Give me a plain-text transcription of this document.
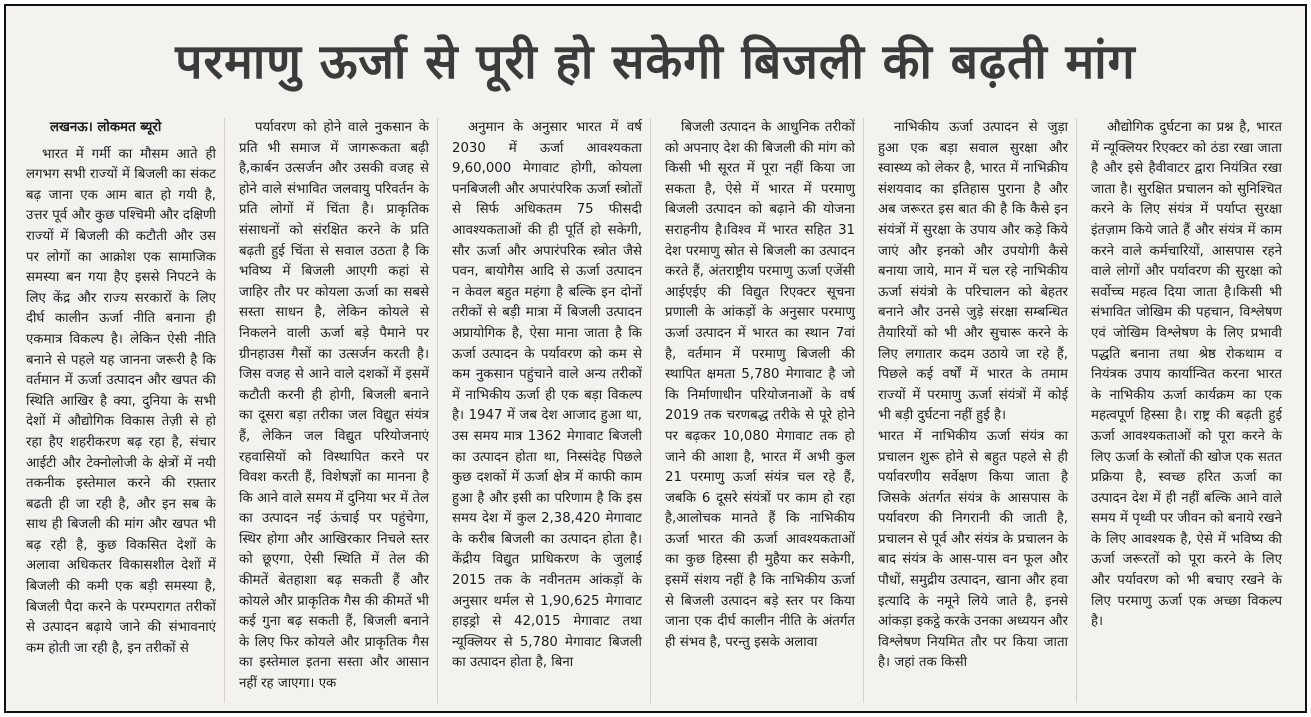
परमाणु ऊर्जा से पूरी हो सकेगी बिजली की बढ़ती मांग
लखनऊ। लोकमत ब्यूरो

भारत में गर्मी का मौसम आते ही लगभग सभी राज्यों में बिजली का संकट बढ़ जाना एक आम बात हो गयी है, उत्तर पूर्व और कुछ पश्चिमी और दक्षिणी राज्यों में बिजली की कटौती और उस पर लोगों का आक्रोश एक सामाजिक समस्या बन गया हैए इससे निपटने के लिए केंद्र और राज्य सरकारों के लिए दीर्घ कालीन ऊर्जा नीति बनाना ही एकमात्र विकल्प है। लेकिन ऐसी नीति बनाने से पहले यह जानना जरूरी है कि वर्तमान में ऊर्जा उत्पादन और खपत की स्थिति आखिर है क्या, दुनिया के सभी देशों में औद्योगिक विकास तेज़ी से हो रहा हैए शहरीकरण बढ़ रहा है, संचार आईटी और टेक्नोलोजी के क्षेत्रों में नयी तकनीक इस्तेमाल करने की रफ़्तार बढती ही जा रही है, और इन सब के साथ ही बिजली की मांग और खपत भी बढ़ रही है, कुछ विकसित देशों के अलावा अधिकतर विकासशील देशों में बिजली की कमी एक बड़ी समस्या है, बिजली पैदा करने के परम्परागत तरीकों से उत्पादन बढ़ाये जाने की संभावनाएं कम होती जा रही है, इन तरीकों से

पर्यावरण को होने वाले नुकसान के प्रति भी समाज में जागरूकता बढ़ी है,कार्बन उत्सर्जन और उसकी वजह से होने वाले संभावित जलवायु परिवर्तन के प्रति लोगों में चिंता है। प्राकृतिक संसाधनों को संरक्षित करने के प्रति बढ़ती हुई चिंता से सवाल उठता है कि भविष्य में बिजली आएगी कहां से जाहिर तौर पर कोयला ऊर्जा का सबसे सस्ता साधन है, लेकिन कोयले से निकलने वाली ऊर्जा बड़े पैमाने पर ग्रीनहाउस गैसों का उत्सर्जन करती है। जिस वजह से आने वाले दशकों में इसमें कटौती करनी ही होगी, बिजली बनाने का दूसरा बड़ा तरीका जल विद्युत संयंत्र हैं, लेकिन जल विद्युत परियोजनाएं रहवासियों को विस्थापित करने पर विवश करती हैं, विशेषज्ञों का मानना है कि आने वाले समय में दुनिया भर में तेल का उत्पादन नई ऊंचाई पर पहुंचेगा, स्थिर होगा और आखिरकार निचले स्तर को छूएगा, ऐसी स्थिति में तेल की कीमतें बेतहाशा बढ़ सकती हैं और कोयले और प्राकृतिक गैस की कीमतें भी कई गुना बढ़ सकती हैं, बिजली बनाने के लिए फिर कोयले और प्राकृतिक गैस का इस्तेमाल इतना सस्ता और आसान नहीं रह जाएगा। एक

अनुमान के अनुसार भारत में वर्ष 2030 में ऊर्जा आवश्यकता 9,60,000 मेगावाट होगी, कोयला पनबिजली और अपारंपरिक ऊर्जा स्त्रोतों से सिर्फ अधिकतम 75 फीसदी आवश्यकताओं की ही पूर्ति हो सकेगी, सौर ऊर्जा और अपारंपरिक स्त्रोत जैसे पवन, बायोगैस आदि से ऊर्जा उत्पादन न केवल बहुत महंगा है बल्कि इन दोनों तरीकों से बड़ी मात्रा में बिजली उत्पादन अप्रायोगिक है, ऐसा माना जाता है कि ऊर्जा उत्पादन के पर्यावरण को कम से कम नुकसान पहुंचाने वाले अन्य तरीकों में नाभिकीय ऊर्जा ही एक बड़ा विकल्प है। 1947 में जब देश आजाद हुआ था, उस समय मात्र 1362 मेगावाट बिजली का उत्पादन होता था, निस्संदेह पिछले कुछ दशकों में ऊर्जा क्षेत्र में काफी काम हुआ है और इसी का परिणाम है कि इस समय देश में कुल 2,38,420 मेगावाट के करीब बिजली का उत्पादन होता है। केंद्रीय विद्युत प्राधिकरण के जुलाई 2015 तक के नवीनतम आंकड़ों के अनुसार थर्मल से 1,90,625 मेगावाट हाइड्रो से 42,015 मेगावाट तथा न्यूक्लियर से 5,780 मेगावाट बिजली का उत्पादन होता है, बिना

बिजली उत्पादन के आधुनिक तरीकों को अपनाए देश की बिजली की मांग को किसी भी सूरत में पूरा नहीं किया जा सकता है, ऐसे में भारत में परमाणु बिजली उत्पादन को बढ़ाने की योजना सराहनीय है।विश्व में भारत सहित 31 देश परमाणु स्रोत से बिजली का उत्पादन करते हैं, अंतराष्ट्रीय परमाणु ऊर्जा एजेंसी आईएईए की विद्युत रिएक्टर सूचना प्रणाली के आंकड़ों के अनुसार परमाणु ऊर्जा उत्पादन में भारत का स्थान 7वां है, वर्तमान में परमाणु बिजली की स्थापित क्षमता 5,780 मेगावाट है जो कि निर्माणाधीन परियोजनाओं के वर्ष 2019 तक चरणबद्ध तरीके से पूरे होने पर बढ़कर 10,080 मेगावाट तक हो जाने की आशा है, भारत में अभी कुल 21 परमाणु ऊर्जा संयंत्र चल रहे हैं, जबकि 6 दूसरे संयंत्रों पर काम हो रहा है,आलोचक मानते हैं कि नाभिकीय ऊर्जा भारत की ऊर्जा आवश्यकताओं का कुछ हिस्सा ही मुहैया कर सकेगी, इसमें संशय नहीं है कि नाभिकीय ऊर्जा से बिजली उत्पादन बड़े स्तर पर किया जाना एक दीर्घ कालीन नीति के अंतर्गत ही संभव है, परन्तु इसके अलावा

नाभिकीय ऊर्जा उत्पादन से जुड़ा हुआ एक बड़ा सवाल सुरक्षा और स्वास्थ्य को लेकर है, भारत में नाभिक्रीय संशयवाद का इतिहास पुराना है और अब जरूरत इस बात की है कि कैसे इन संयंत्रों में सुरक्षा के उपाय और कड़े किये जाएं और इनको और उपयोगी कैसे बनाया जाये, मान में चल रहे नाभिकीय ऊर्जा संयंत्रो के परिचालन को बेहतर बनाने और उनसे जुड़े संरक्षा सम्बन्धित तैयारियों को भी और सुचारू करने के लिए लगातार कदम उठाये जा रहे हैं, पिछले कई वर्षों में भारत के तमाम राज्यों में परमाणु ऊर्जा संयंत्रों में कोई भी बड़ी दुर्घटना नहीं हुई है।
भारत में नाभिकीय ऊर्जा संयंत्र का प्रचालन शुरू होने से बहुत पहले से ही पर्यावरणीय सर्वेक्षण किया जाता है जिसके अंतर्गत संयंत्र के आसपास के पर्यावरण की निगरानी की जाती है, प्रचालन से पूर्व और संयंत्र के प्रचालन के बाद संयंत्र के आस-पास वन फूल और पौधों, समुद्रीय उत्पादन, खाना और हवा इत्यादि के नमूने लिये जाते है, इनसे आंकड़ा इकट्ठे करके उनका अध्ययन और विश्लेषण नियमित तौर पर किया जाता है। जहां तक किसी

औद्योगिक दुर्घटना का प्रश्न है, भारत में न्यूक्लियर रिएक्टर को ठंडा रखा जाता है और इसे हैवीवाटर द्वारा नियंत्रित रखा जाता है। सुरक्षित प्रचालन को सुनिश्चित करने के लिए संयंत्र में पर्याप्त सुरक्षा इंतज़ाम किये जाते हैं और संयंत्र में काम करने वाले कर्मचारियों, आसपास रहने वाले लोगों और पर्यावरण की सुरक्षा को सर्वोच्च महत्व दिया जाता है।किसी भी संभावित जोखिम की पहचान, विश्लेषण एवं जोखिम विश्लेषण के लिए प्रभावी पद्धति बनाना तथा श्रेष्ठ रोकथाम व नियंत्रक उपाय कार्यान्वित करना भारत के नाभिकीय ऊर्जा कार्यक्रम का एक महत्वपूर्ण हिस्सा है। राष्ट्र की बढ़ती हुई ऊर्जा आवश्यकताओं को पूरा करने के लिए ऊर्जा के स्त्रोतों की खोज एक सतत प्रक्रिया है, स्वच्छ हरित ऊर्जा का उत्पादन देश में ही नहीं बल्कि आने वाले समय में पृथ्वी पर जीवन को बनाये रखने के लिए आवश्यक है, ऐसे में भविष्य की ऊर्जा जरूरतों को पूरा करने के लिए और पर्यावरण को भी बचाए रखने के लिए परमाणु ऊर्जा एक अच्छा विकल्प है।
